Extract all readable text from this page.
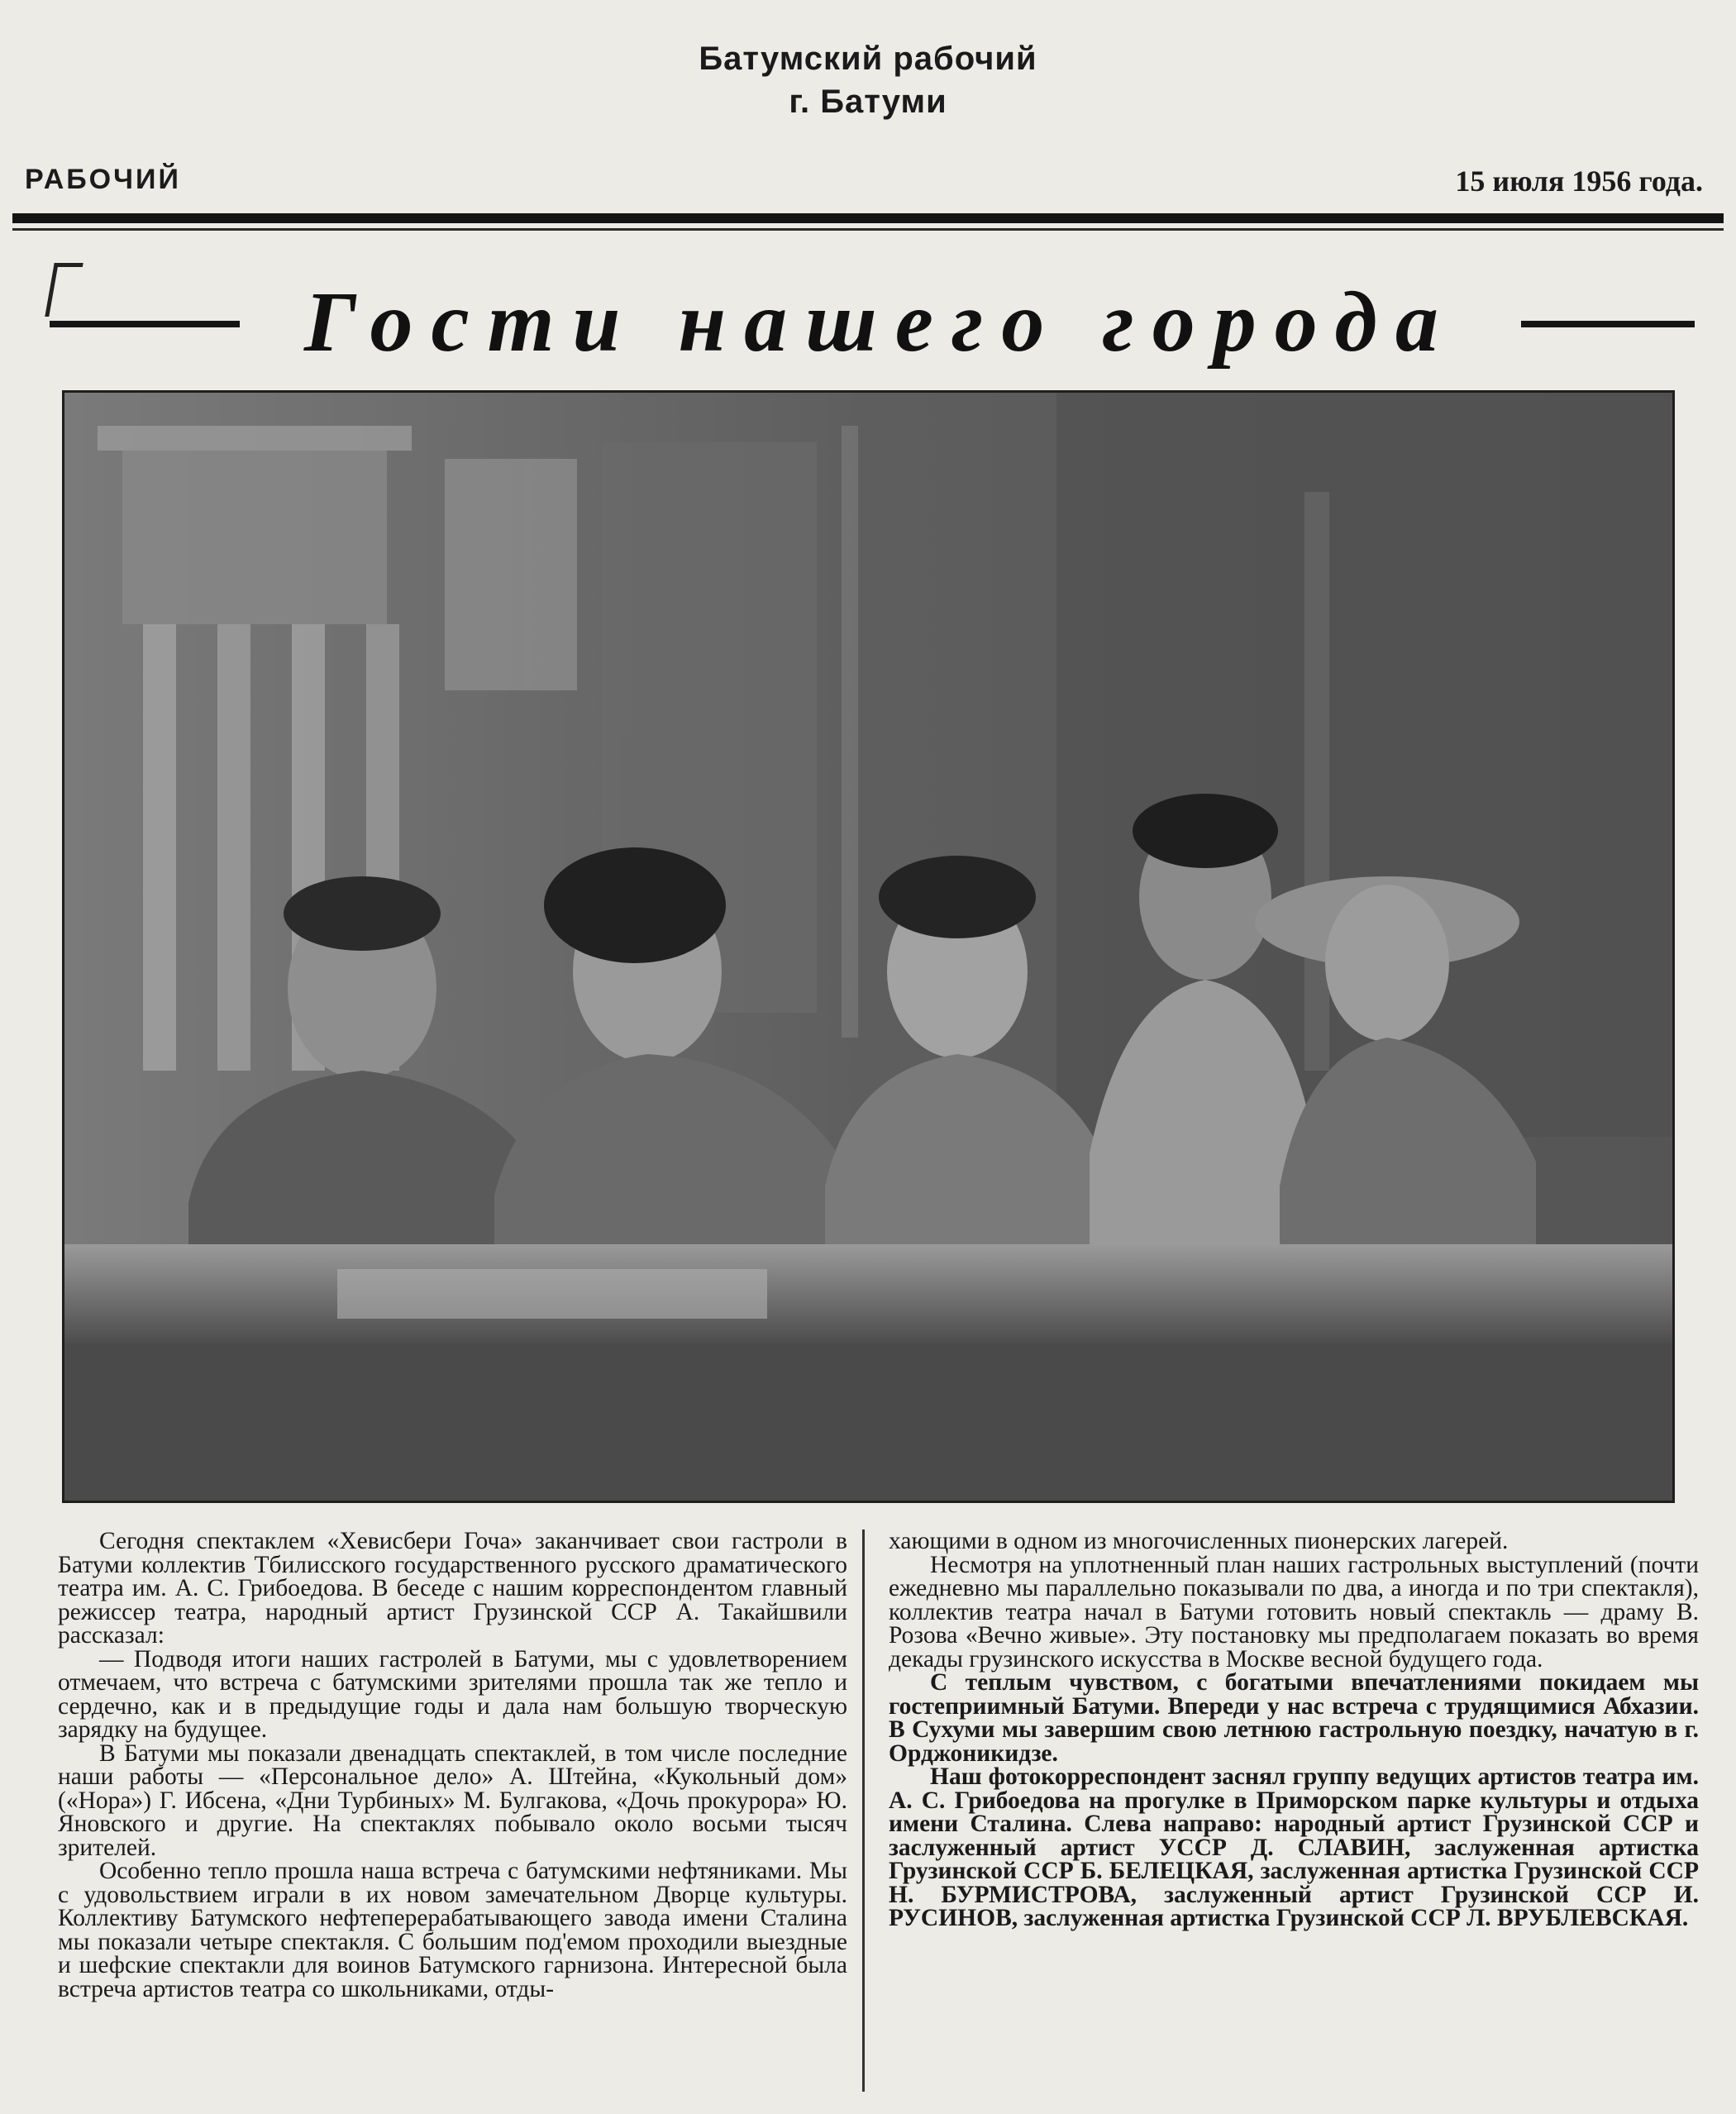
Батумский рабочий
г. Батуми
РАБОЧИЙ	15 июля 1956 года.
Гости нашего города

Сегодня спектаклем «Хевисбери Гоча» заканчивает свои гастроли в Батуми коллектив Тбилисского государственного русского драматического театра им. А. С. Грибоедова. В беседе с нашим корреспондентом главный режиссер театра, народный артист Грузинской ССР А. Такайшвили рассказал:

— Подводя итоги наших гастролей в Батуми, мы с удовлетворением отмечаем, что встреча с батумскими зрителями прошла так же тепло и сердечно, как и в предыдущие годы и дала нам большую творческую зарядку на будущее.

В Батуми мы показали двенадцать спектаклей, в том числе последние наши работы — «Персональное дело» А. Штейна, «Кукольный дом» («Нора») Г. Ибсена, «Дни Турбиных» М. Булгакова, «Дочь прокурора» Ю. Яновского и другие. На спектаклях побывало около восьми тысяч зрителей.

Особенно тепло прошла наша встреча с батумскими нефтяниками. Мы с удовольствием играли в их новом замечательном Дворце культуры. Коллективу Батумского нефтеперерабатывающего завода имени Сталина мы показали четыре спектакля. С большим под'емом проходили выездные и шефские спектакли для воинов Батумского гарнизона. Интересной была встреча артистов театра со школьниками, отды-

хающими в одном из многочисленных пионерских лагерей.

Несмотря на уплотненный план наших гастрольных выступлений (почти ежедневно мы параллельно показывали по два, а иногда и по три спектакля), коллектив театра начал в Батуми готовить новый спектакль — драму В. Розова «Вечно живые». Эту постановку мы предполагаем показать во время декады грузинского искусства в Москве весной будущего года.

С теплым чувством, с богатыми впечатлениями покидаем мы гостеприимный Батуми. Впереди у нас встреча с трудящимися Абхазии. В Сухуми мы завершим свою летнюю гастрольную поездку, начатую в г. Орджоникидзе.

Наш фотокорреспондент заснял группу ведущих артистов театра им. А. С. Грибоедова на прогулке в Приморском парке культуры и отдыха имени Сталина. Слева направо: народный артист Грузинской ССР и заслуженный артист УССР Д. СЛАВИН, заслуженная артистка Грузинской ССР Б. БЕЛЕЦКАЯ, заслуженная артистка Грузинской ССР Н. БУРМИСТРОВА, заслуженный артист Грузинской ССР И. РУСИНОВ, заслуженная артистка Грузинской ССР Л. ВРУБЛЕВСКАЯ.
